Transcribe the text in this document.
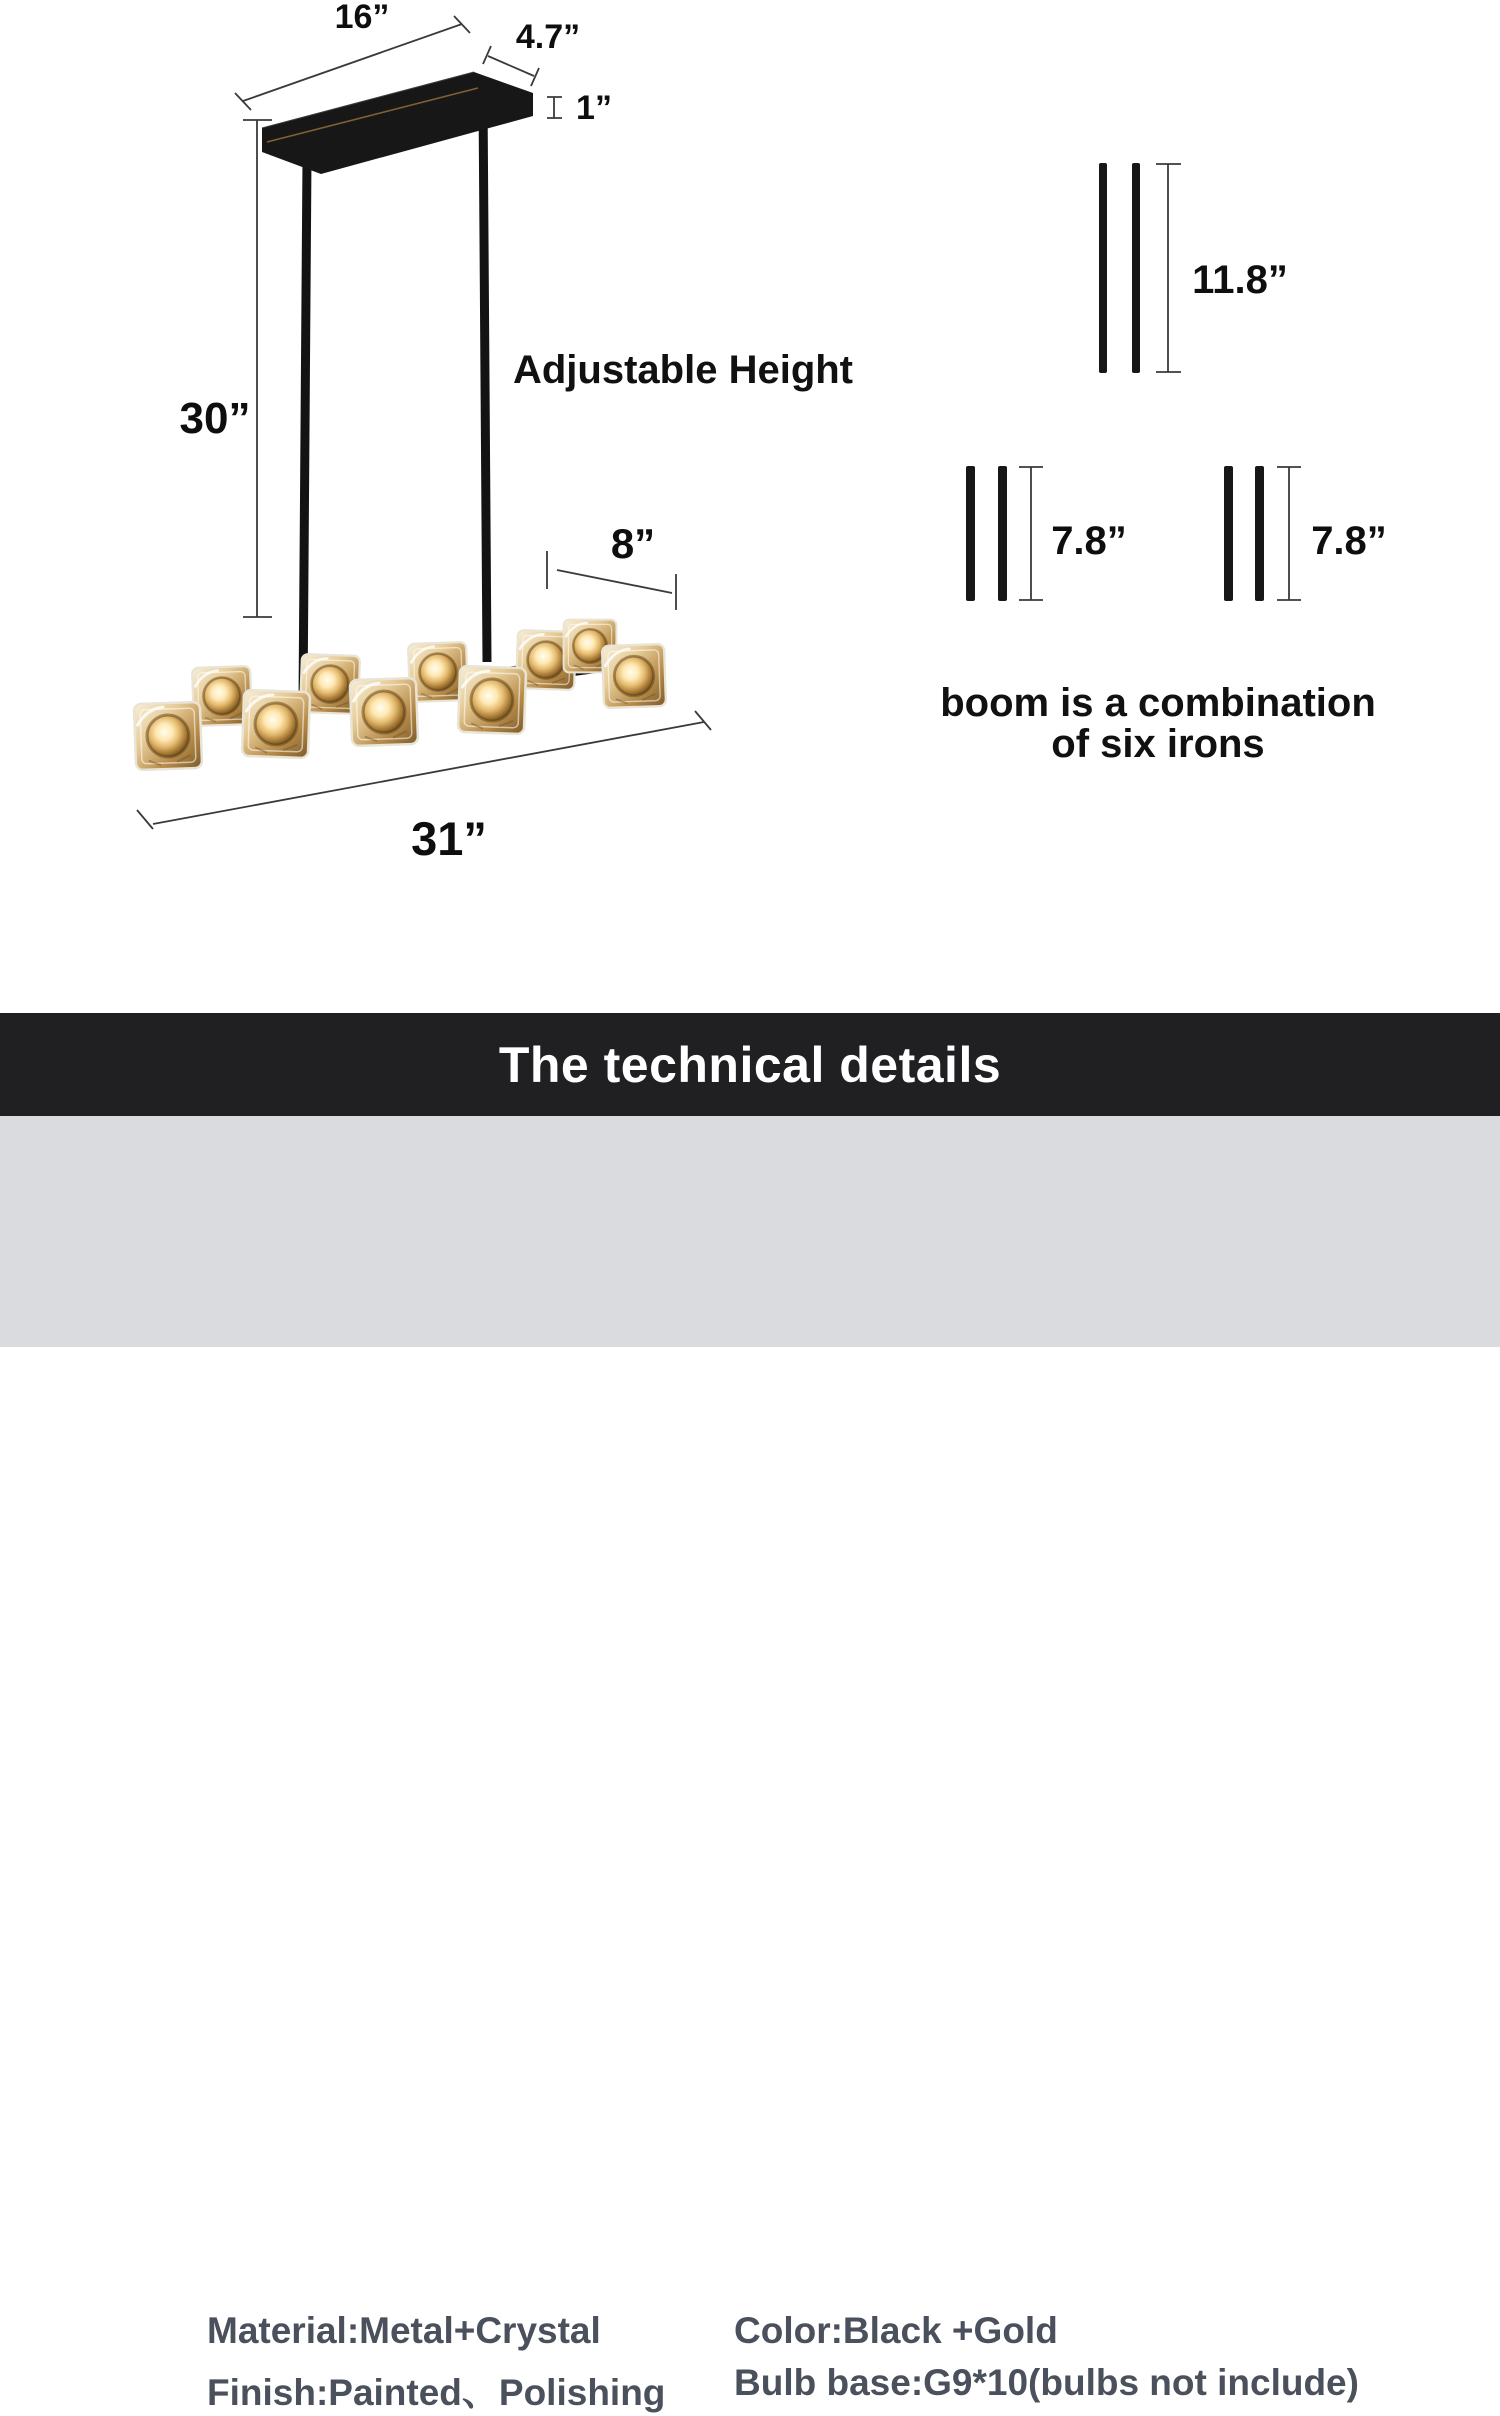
16”
4.7”
1”
30”
Adjustable Height
8”
31”
11.8”
7.8”	7.8”
boom is a combination
of six irons
The technical details
Material:Metal+Crystal
Finish:Painted、Polishing
Color:Black +Gold
Bulb base:G9*10(bulbs not include)
